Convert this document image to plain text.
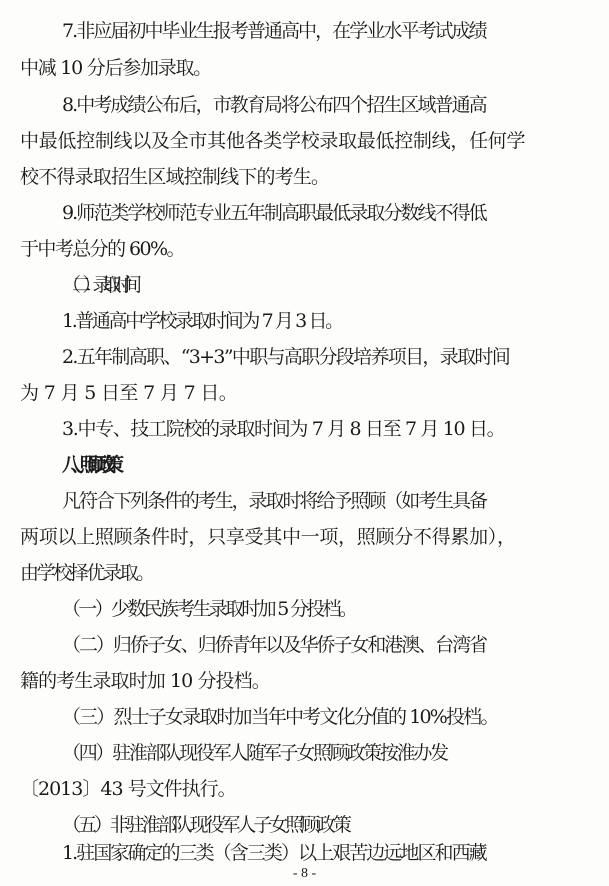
7.非应届初中毕业生报考普通高中，在学业水平考试成绩
中减 10 分后参加录取。
8.中考成绩公布后，市教育局将公布四个招生区域普通高
中最低控制线以及全市其他各类学校录取最低控制线，任何学
校不得录取招生区域控制线下的考生。
9.师范类学校师范专业五年制高职最低录取分数线不得低
于中考总分的 60%。
（二）录取时间
1.普通高中学校录取时间为 7 月 3 日。
2.五年制高职、“3+3”中职与高职分段培养项目，录取时间
为 7 月 5 日至 7 月 7 日。
3.中专、技工院校的录取时间为 7 月 8 日至 7 月 10 日。
八、照顾政策
凡符合下列条件的考生，录取时将给予照顾（如考生具备
两项以上照顾条件时，只享受其中一项，照顾分不得累加），
由学校择优录取。
（一）少数民族考生录取时加 5 分投档。
（二）归侨子女、归侨青年以及华侨子女和港澳、台湾省
籍的考生录取时加 10 分投档。
（三）烈士子女录取时加当年中考文化分值的 10%投档。
（四）驻淮部队现役军人随军子女照顾政策按淮办发
〔2013〕43 号文件执行。
（五）非驻淮部队现役军人子女照顾政策
1.驻国家确定的三类（含三类）以上艰苦边远地区和西藏
- 8 -
